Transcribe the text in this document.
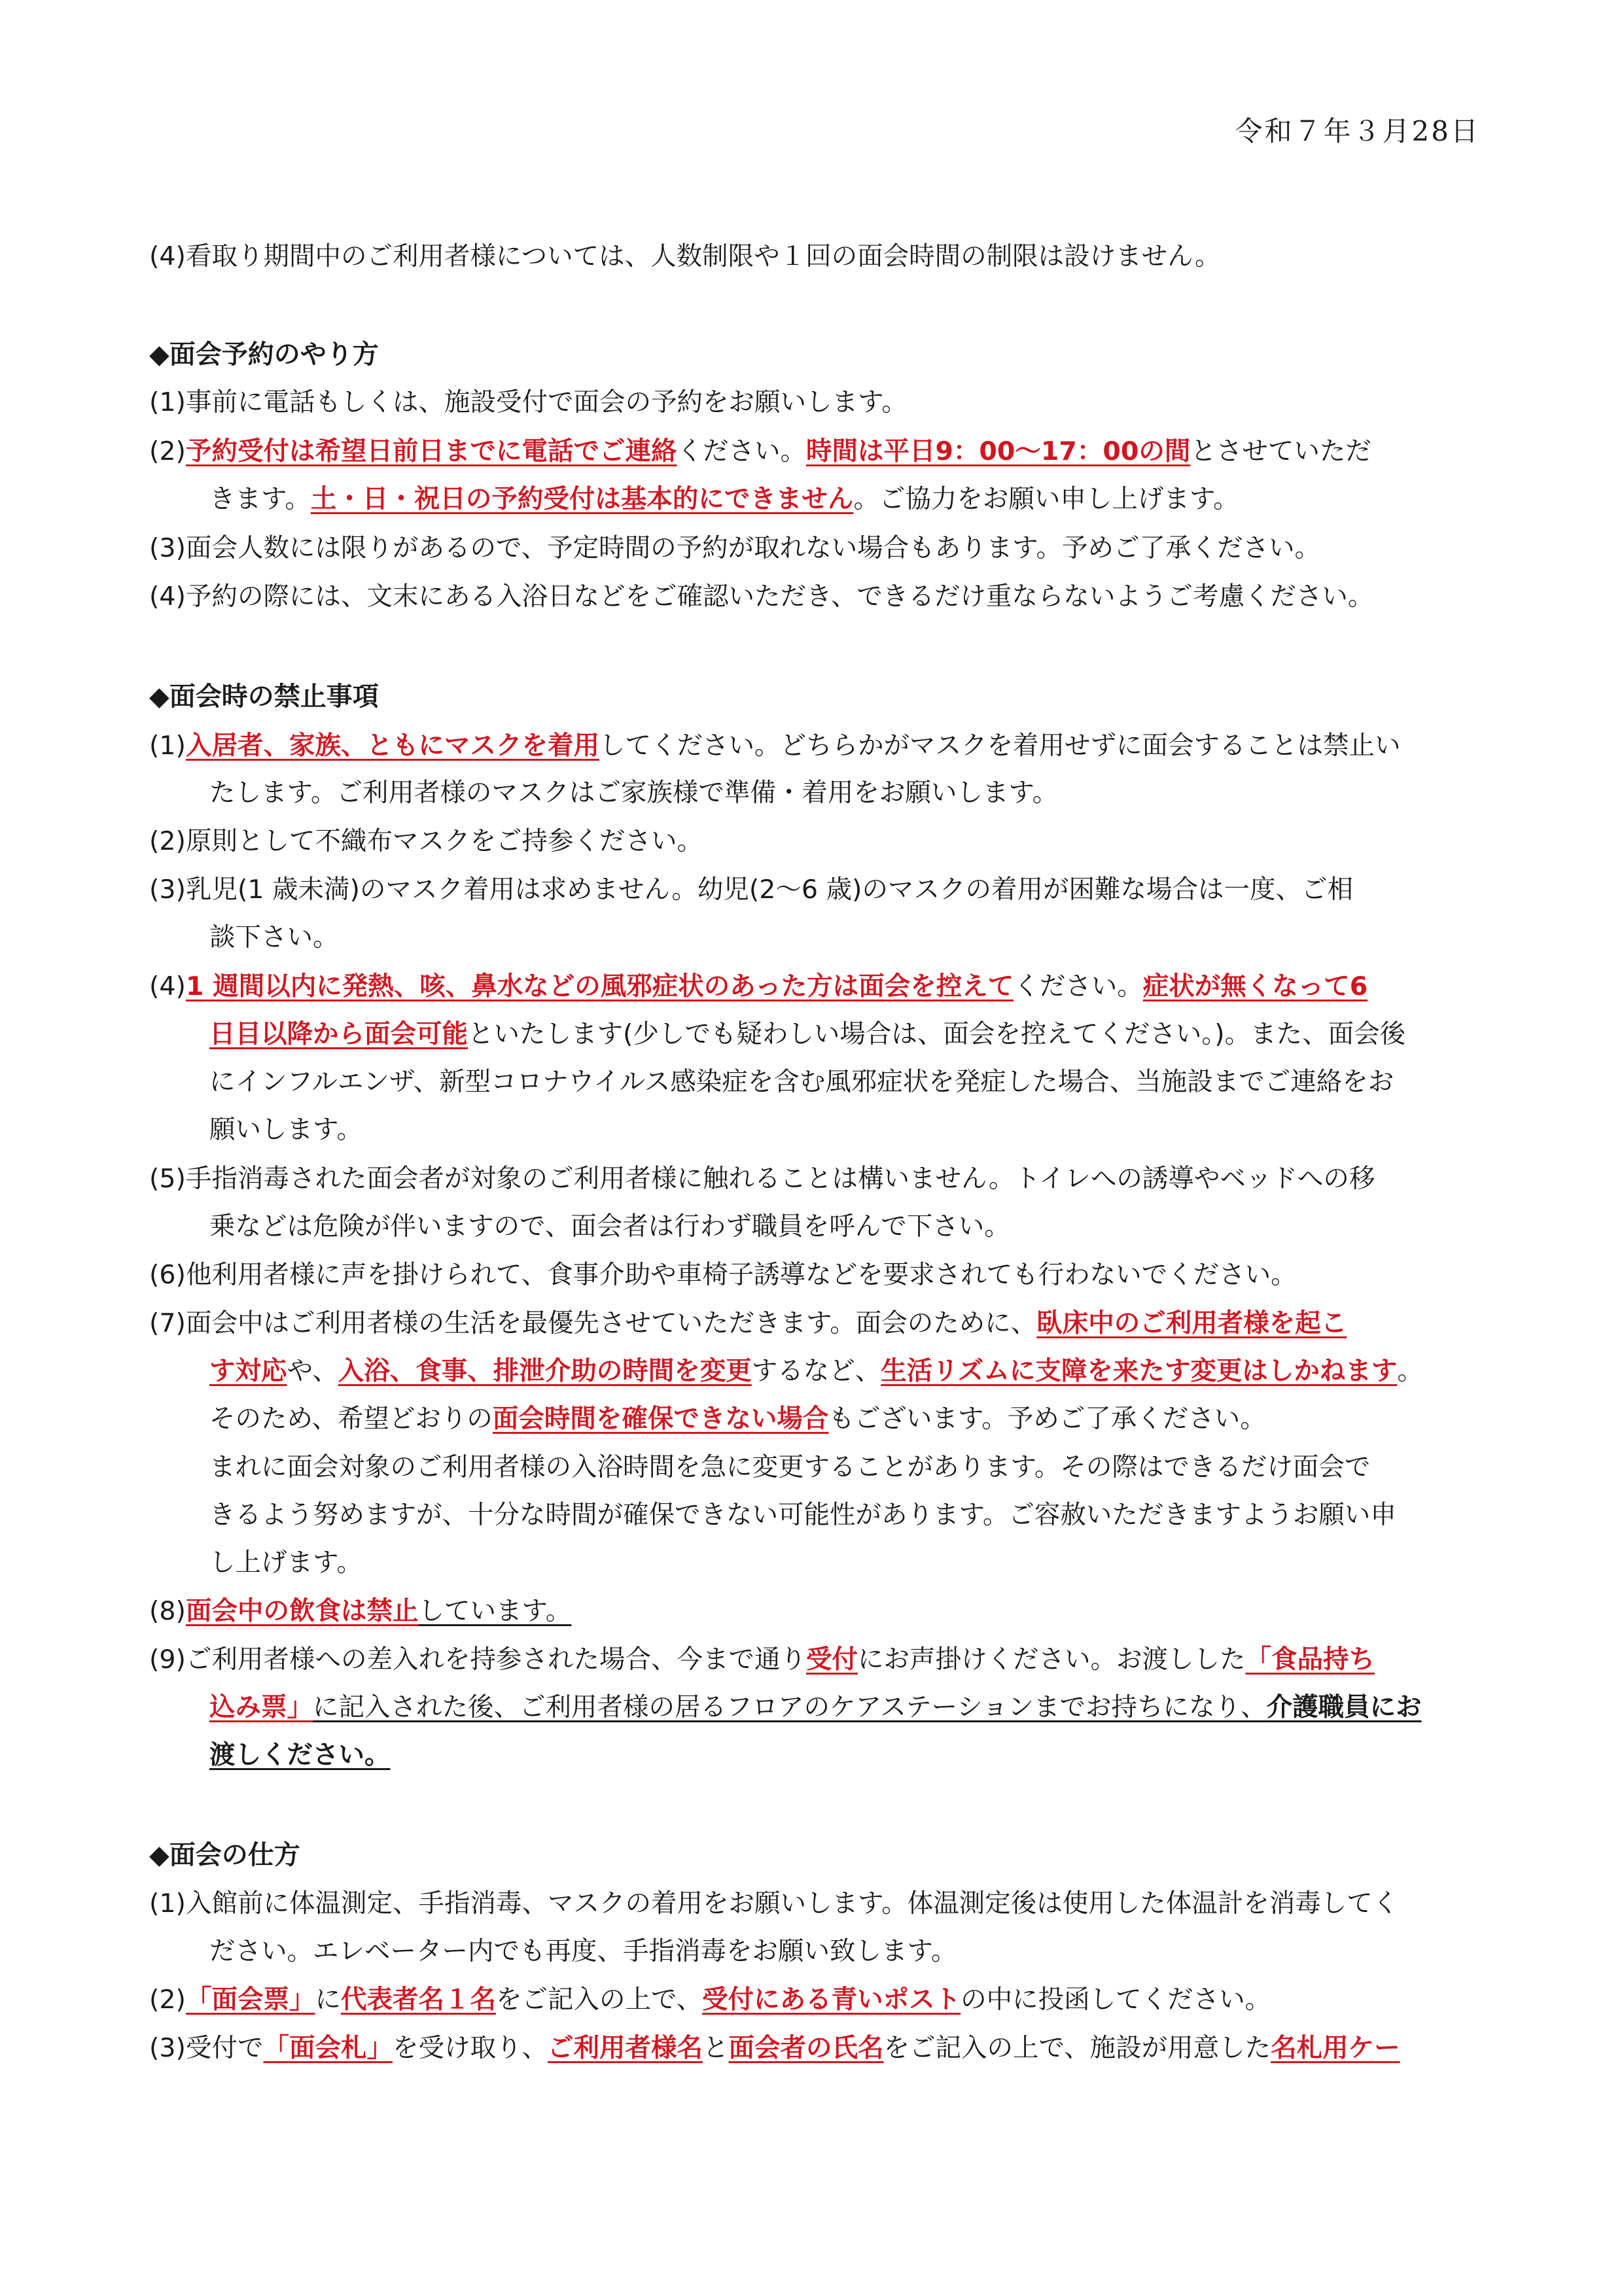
令和７年３月28日
(4)看取り期間中のご利用者様については、人数制限や１回の面会時間の制限は設けません。
◆面会予約のやり方
(1)事前に電話もしくは、施設受付で面会の予約をお願いします。
(2)予約受付は希望日前日までに電話でご連絡ください。時間は平日9：00～17：00の間とさせていただ
きます。土・日・祝日の予約受付は基本的にできません。ご協力をお願い申し上げます。
(3)面会人数には限りがあるので、予定時間の予約が取れない場合もあります。予めご了承ください。
(4)予約の際には、文末にある入浴日などをご確認いただき、できるだけ重ならないようご考慮ください。
◆面会時の禁止事項
(1)入居者、家族、ともにマスクを着用してください。どちらかがマスクを着用せずに面会することは禁止い
たします。ご利用者様のマスクはご家族様で準備・着用をお願いします。
(2)原則として不織布マスクをご持参ください。
(3)乳児(1 歳未満)のマスク着用は求めません。幼児(2～6 歳)のマスクの着用が困難な場合は一度、ご相
談下さい。
(4)1 週間以内に発熱、咳、鼻水などの風邪症状のあった方は面会を控えてください。症状が無くなって6
日目以降から面会可能といたします(少しでも疑わしい場合は、面会を控えてください。)。また、面会後
にインフルエンザ、新型コロナウイルス感染症を含む風邪症状を発症した場合、当施設までご連絡をお
願いします。
(5)手指消毒された面会者が対象のご利用者様に触れることは構いません。トイレへの誘導やベッドへの移
乗などは危険が伴いますので、面会者は行わず職員を呼んで下さい。
(6)他利用者様に声を掛けられて、食事介助や車椅子誘導などを要求されても行わないでください。
(7)面会中はご利用者様の生活を最優先させていただきます。面会のために、臥床中のご利用者様を起こ
す対応や、入浴、食事、排泄介助の時間を変更するなど、生活リズムに支障を来たす変更はしかねます。
そのため、希望どおりの面会時間を確保できない場合もございます。予めご了承ください。
まれに面会対象のご利用者様の入浴時間を急に変更することがあります。その際はできるだけ面会で
きるよう努めますが、十分な時間が確保できない可能性があります。ご容赦いただきますようお願い申
し上げます。
(8)面会中の飲食は禁止しています。
(9)ご利用者様への差入れを持参された場合、今まで通り受付にお声掛けください。お渡しした「食品持ち
込み票」に記入された後、ご利用者様の居るフロアのケアステーションまでお持ちになり、介護職員にお
渡しください。
◆面会の仕方
(1)入館前に体温測定、手指消毒、マスクの着用をお願いします。体温測定後は使用した体温計を消毒してく
ださい。エレベーター内でも再度、手指消毒をお願い致します。
(2)「面会票」に代表者名１名をご記入の上で、受付にある青いポストの中に投函してください。
(3)受付で「面会札」を受け取り、ご利用者様名と面会者の氏名をご記入の上で、施設が用意した名札用ケー
